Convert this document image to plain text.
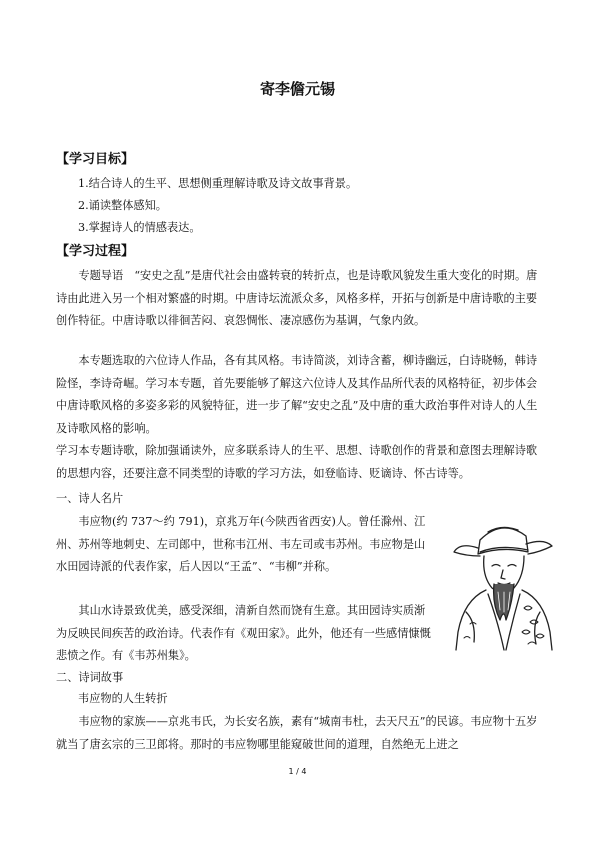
寄李儋元锡
【学习目标】
1.结合诗人的生平、思想侧重理解诗歌及诗文故事背景。
2.诵读整体感知。
3.掌握诗人的情感表达。
【学习过程】

专题导语　“安史之乱”是唐代社会由盛转衰的转折点，也是诗歌风貌发生重大变化的时期。唐诗由此进入另一个相对繁盛的时期。中唐诗坛流派众多，风格多样，开拓与创新是中唐诗歌的主要创作特征。中唐诗歌以徘徊苦闷、哀怨惆怅、凄凉感伤为基调，气象内敛。

本专题选取的六位诗人作品，各有其风格。韦诗简淡，刘诗含蓄，柳诗幽远，白诗晓畅，韩诗险怪，李诗奇崛。学习本专题，首先要能够了解这六位诗人及其作品所代表的风格特征，初步体会中唐诗歌风格的多姿多彩的风貌特征，进一步了解“安史之乱”及中唐的重大政治事件对诗人的人生及诗歌风格的影响。

学习本专题诗歌，除加强诵读外，应多联系诗人的生平、思想、诗歌创作的背景和意图去理解诗歌的思想内容，还要注意不同类型的诗歌的学习方法，如登临诗、贬谪诗、怀古诗等。

一、诗人名片

韦应物(约 737～约 791)，京兆万年(今陕西省西安)人。曾任滁州、江州、苏州等地刺史、左司郎中，世称韦江州、韦左司或韦苏州。韦应物是山水田园诗派的代表作家，后人因以“王孟”、“韦柳”并称。

其山水诗景致优美，感受深细，清新自然而饶有生意。其田园诗实质渐为反映民间疾苦的政治诗。代表作有《观田家》。此外，他还有一些感情慷慨悲愤之作。有《韦苏州集》。

二、诗词故事
韦应物的人生转折

韦应物的家族——京兆韦氏，为长安名族，素有“城南韦杜，去天尺五”的民谚。韦应物十五岁就当了唐玄宗的三卫郎将。那时的韦应物哪里能窥破世间的道理，自然绝无上进之

1 / 4
